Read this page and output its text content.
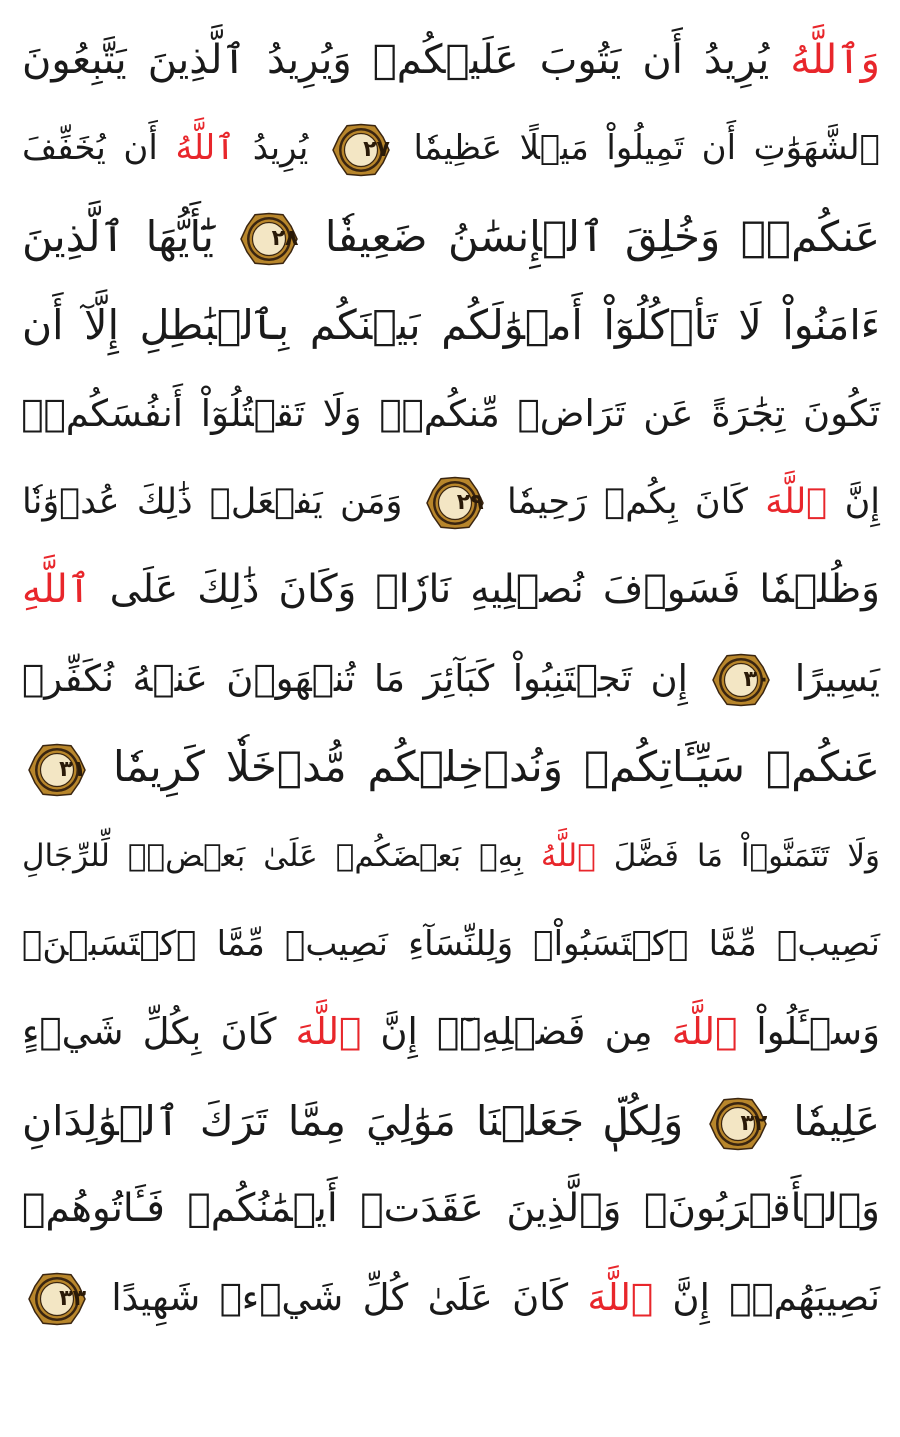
وَٱللَّهُ يُرِيدُ أَن يَتُوبَ عَلَيۡكُمۡ وَيُرِيدُ ٱلَّذِينَ يَتَّبِعُونَ
ٱلشَّهَوَٰتِ أَن تَمِيلُواْ مَيۡلًا عَظِيمٗا
٢٧
يُرِيدُ ٱللَّهُ أَن يُخَفِّفَ
عَنكُمۡۚ وَخُلِقَ ٱلۡإِنسَٰنُ ضَعِيفٗا
٢٨
يَٰٓأَيُّهَا ٱلَّذِينَ
ءَامَنُواْ لَا تَأۡكُلُوٓاْ أَمۡوَٰلَكُم بَيۡنَكُم بِٱلۡبَٰطِلِ إِلَّآ أَن
تَكُونَ تِجَٰرَةً عَن تَرَاضٖ مِّنكُمۡۚ وَلَا تَقۡتُلُوٓاْ أَنفُسَكُمۡۚ
إِنَّ ٱللَّهَ كَانَ بِكُمۡ رَحِيمٗا
٢٩
وَمَن يَفۡعَلۡ ذَٰلِكَ عُدۡوَٰنٗا
وَظُلۡمٗا فَسَوۡفَ نُصۡلِيهِ نَارٗاۚ وَكَانَ ذَٰلِكَ عَلَى ٱللَّهِ
يَسِيرًا
٣٠
إِن تَجۡتَنِبُواْ كَبَآئِرَ مَا تُنۡهَوۡنَ عَنۡهُ نُكَفِّرۡ
عَنكُمۡ سَيِّـَٔاتِكُمۡ وَنُدۡخِلۡكُم مُّدۡخَلٗا كَرِيمٗا
٣١
وَلَا تَتَمَنَّوۡاْ مَا فَضَّلَ ٱللَّهُ بِهِۦ بَعۡضَكُمۡ عَلَىٰ بَعۡضٖۚ لِّلرِّجَالِ
نَصِيبٞ مِّمَّا ٱكۡتَسَبُواْۖ وَلِلنِّسَآءِ نَصِيبٞ مِّمَّا ٱكۡتَسَبۡنَۚ
وَسۡـَٔلُواْ ٱللَّهَ مِن فَضۡلِهِۦٓۚ إِنَّ ٱللَّهَ كَانَ بِكُلِّ شَيۡءٍ
عَلِيمٗا
٣٢
وَلِكُلّٖ جَعَلۡنَا مَوَٰلِيَ مِمَّا تَرَكَ ٱلۡوَٰلِدَانِ
وَٱلۡأَقۡرَبُونَۚ وَٱلَّذِينَ عَقَدَتۡ أَيۡمَٰنُكُمۡ فَـَٔاتُوهُمۡ
نَصِيبَهُمۡۚ إِنَّ ٱللَّهَ كَانَ عَلَىٰ كُلِّ شَيۡءٖ شَهِيدًا
٣٣
